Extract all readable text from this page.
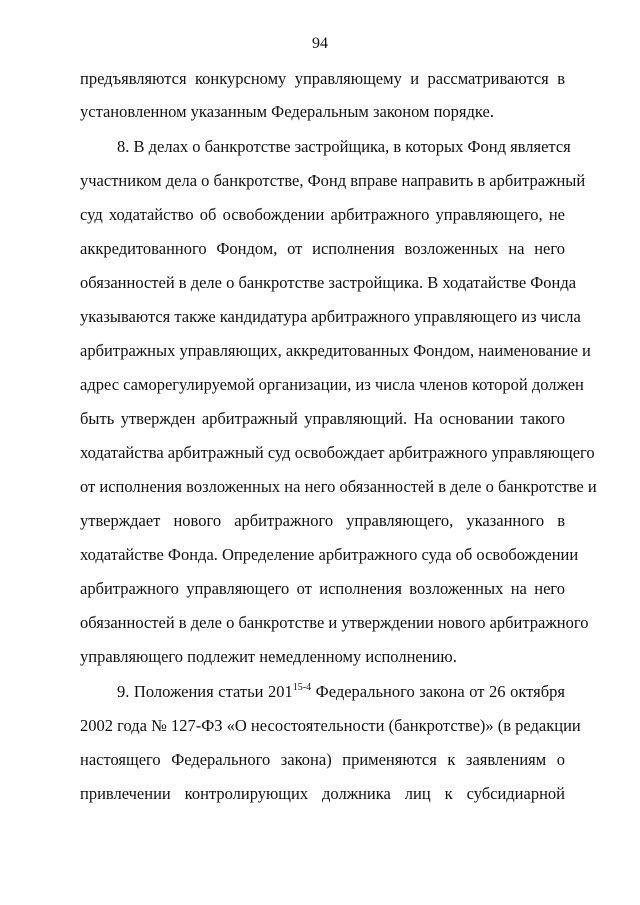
94
предъявляются конкурсному управляющему и рассматриваются в
установленном указанным Федеральным законом порядке.
8. В делах о банкротстве застройщика, в которых Фонд является
участником дела о банкротстве, Фонд вправе направить в арбитражный
суд ходатайство об освобождении арбитражного управляющего, не
аккредитованного Фондом, от исполнения возложенных на него
обязанностей в деле о банкротстве застройщика. В ходатайстве Фонда
указываются также кандидатура арбитражного управляющего из числа
арбитражных управляющих, аккредитованных Фондом, наименование и
адрес саморегулируемой организации, из числа членов которой должен
быть утвержден арбитражный управляющий. На основании такого
ходатайства арбитражный суд освобождает арбитражного управляющего
от исполнения возложенных на него обязанностей в деле о банкротстве и
утверждает нового арбитражного управляющего, указанного в
ходатайстве Фонда. Определение арбитражного суда об освобождении
арбитражного управляющего от исполнения возложенных на него
обязанностей в деле о банкротстве и утверждении нового арбитражного
управляющего подлежит немедленному исполнению.
9. Положения статьи 201$^{15-4}$ Федерального закона от 26 октября
2002 года № 127-ФЗ «О несостоятельности (банкротстве)» (в редакции
настоящего Федерального закона) применяются к заявлениям о
привлечении контролирующих должника лиц к субсидиарной
